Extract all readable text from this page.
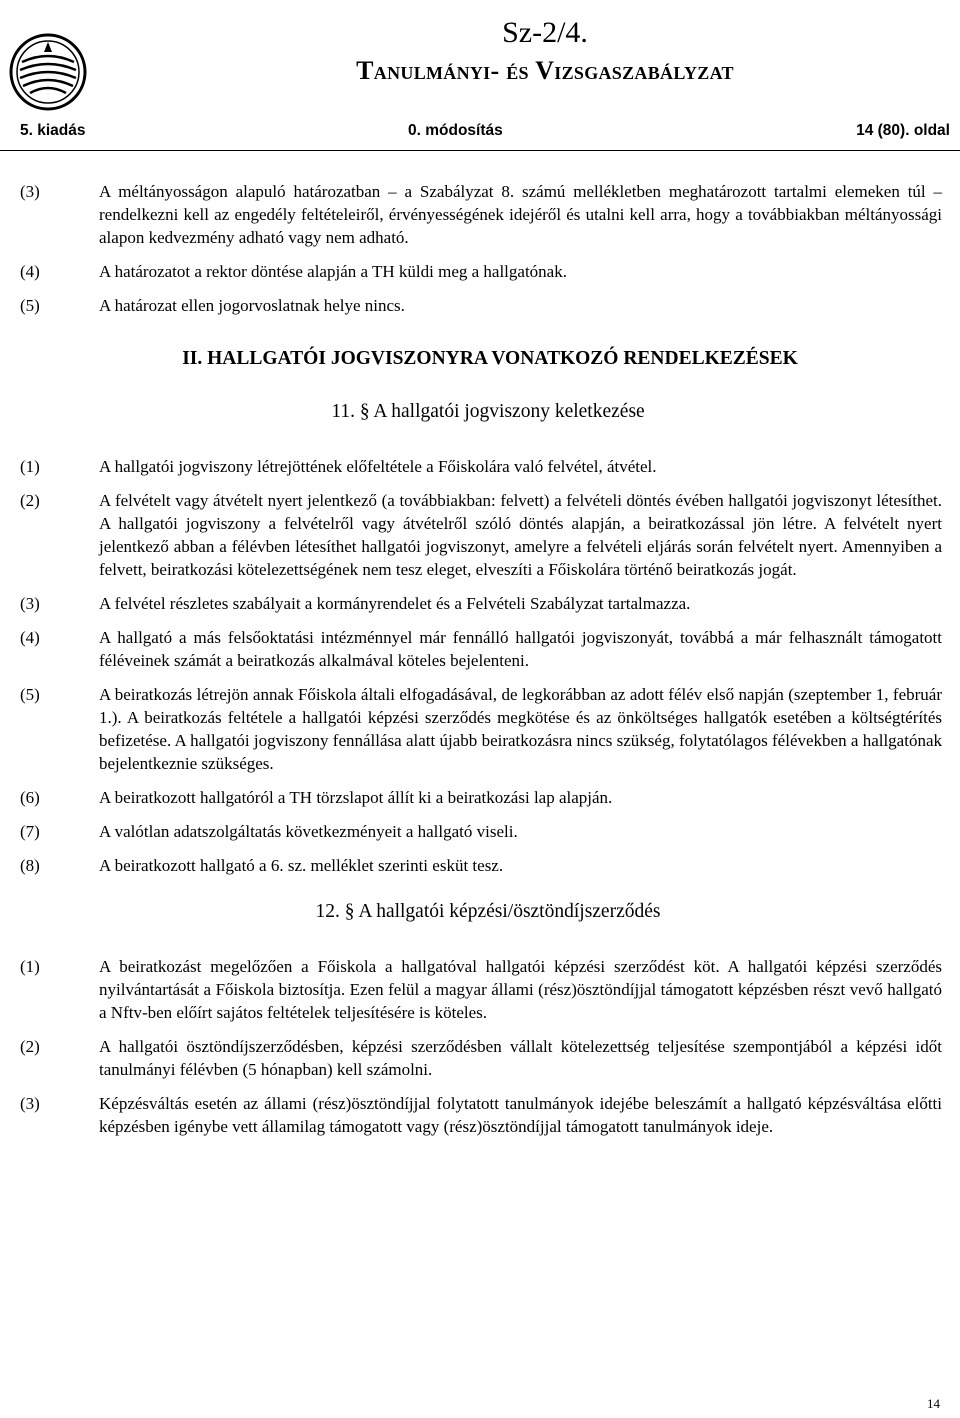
Sz-2/4.
Tanulmányi- és Vizsgaszabályzat
5. kiadás	0. módosítás	14 (80). oldal
(3)	A méltányosságon alapuló határozatban – a Szabályzat 8. számú mellékletben meghatározott tartalmi elemeken túl – rendelkezni kell az engedély feltételeiről, érvényességének idejéről és utalni kell arra, hogy a továbbiakban méltányossági alapon kedvezmény adható vagy nem adható.
(4)	A határozatot a rektor döntése alapján a TH küldi meg a hallgatónak.
(5)	A határozat ellen jogorvoslatnak helye nincs.
II. HALLGATÓI JOGVISZONYRA VONATKOZÓ RENDELKEZÉSEK
11. § A hallgatói jogviszony keletkezése
(1)	A hallgatói jogviszony létrejöttének előfeltétele a Főiskolára való felvétel, átvétel.
(2)	A felvételt vagy átvételt nyert jelentkező (a továbbiakban: felvett) a felvételi döntés évében hallgatói jogviszonyt létesíthet. A hallgatói jogviszony a felvételről vagy átvételről szóló döntés alapján, a beiratkozással jön létre. A felvételt nyert jelentkező abban a félévben létesíthet hallgatói jogviszonyt, amelyre a felvételi eljárás során felvételt nyert. Amennyiben a felvett, beiratkozási kötelezettségének nem tesz eleget, elveszíti a Főiskolára történő beiratkozás jogát.
(3)	A felvétel részletes szabályait a kormányrendelet és a Felvételi Szabályzat tartalmazza.
(4)	A hallgató a más felsőoktatási intézménnyel már fennálló hallgatói jogviszonyát, továbbá a már felhasznált támogatott féléveinek számát a beiratkozás alkalmával köteles bejelenteni.
(5)	A beiratkozás létrejön annak Főiskola általi elfogadásával, de legkorábban az adott félév első napján (szeptember 1, február 1.). A beiratkozás feltétele a hallgatói képzési szerződés megkötése és az önköltséges hallgatók esetében a költségtérítés befizetése. A hallgatói jogviszony fennállása alatt újabb beiratkozásra nincs szükség, folytatólagos félévekben a hallgatónak bejelentkeznie szükséges.
(6)	A beiratkozott hallgatóról a TH törzslapot állít ki a beiratkozási lap alapján.
(7)	A valótlan adatszolgáltatás következményeit a hallgató viseli.
(8)	A beiratkozott hallgató a 6. sz. melléklet szerinti esküt tesz.
12. § A hallgatói képzési/ösztöndíjszerződés
(1)	A beiratkozást megelőzően a Főiskola a hallgatóval hallgatói képzési szerződést köt. A hallgatói képzési szerződés nyilvántartását a Főiskola biztosítja. Ezen felül a magyar állami (rész)ösztöndíjjal támogatott képzésben részt vevő hallgató a Nftv-ben előírt sajátos feltételek teljesítésére is köteles.
(2)	A hallgatói ösztöndíjszerződésben, képzési szerződésben vállalt kötelezettség teljesítése szempontjából a képzési időt tanulmányi félévben (5 hónapban) kell számolni.
(3)	Képzésváltás esetén az állami (rész)ösztöndíjjal folytatott tanulmányok idejébe beleszámít a hallgató képzésváltása előtti képzésben igénybe vett államilag támogatott vagy (rész)ösztöndíjjal támogatott tanulmányok ideje.
14
